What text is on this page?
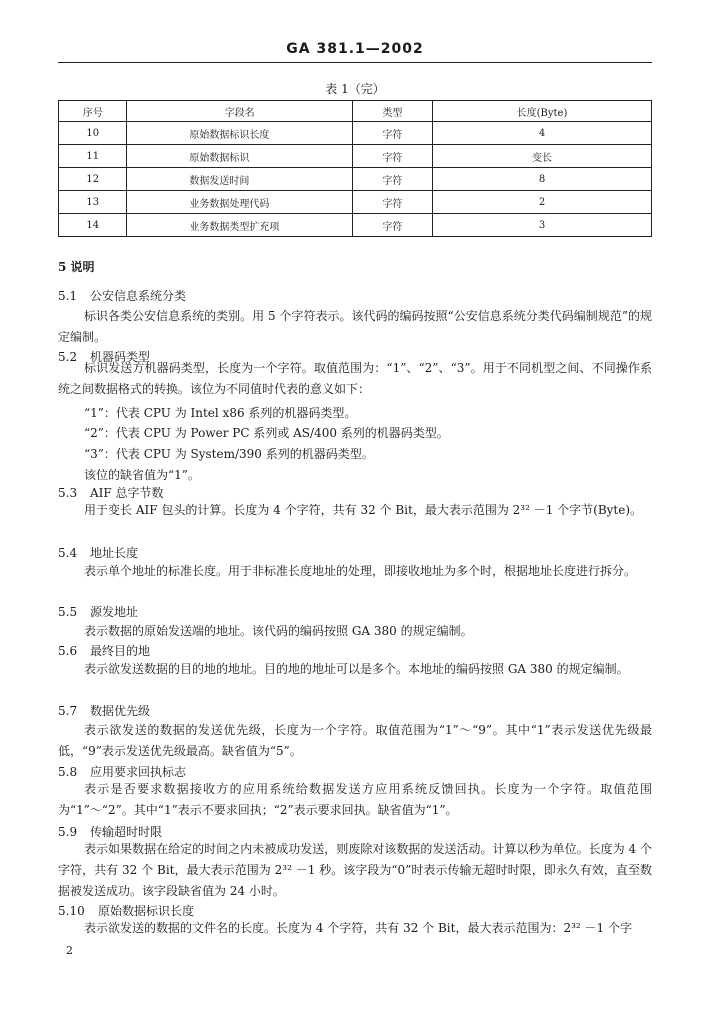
GA 381.1—2002
表 1（完）
序号	字段名	类型	长度(Byte)
10	原始数据标识长度	字符	4
11	原始数据标识	字符	变长
12	数据发送时间	字符	8
13	业务数据处理代码	字符	2
14	业务数据类型扩充项	字符	3
5 说明
5.1 公安信息系统分类
标识各类公安信息系统的类别。用 5 个字符表示。该代码的编码按照“公安信息系统分类代码编制规范”的规定编制。
5.2 机器码类型
标识发送方机器码类型，长度为一个字符。取值范围为：“1”、“2”、“3”。用于不同机型之间、不同操作系统之间数据格式的转换。该位为不同值时代表的意义如下：
“1”：代表 CPU 为 Intel x86 系列的机器码类型。
“2”：代表 CPU 为 Power PC 系列或 AS/400 系列的机器码类型。
“3”：代表 CPU 为 System/390 系列的机器码类型。
该位的缺省值为“1”。
5.3 AIF 总字节数
用于变长 AIF 包头的计算。长度为 4 个字符，共有 32 个 Bit，最大表示范围为 2³² －1 个字节(Byte)。
5.4 地址长度
表示单个地址的标准长度。用于非标准长度地址的处理，即接收地址为多个时，根据地址长度进行拆分。
5.5 源发地址
表示数据的原始发送端的地址。该代码的编码按照 GA 380 的规定编制。
5.6 最终目的地
表示欲发送数据的目的地的地址。目的地的地址可以是多个。本地址的编码按照 GA 380 的规定编制。
5.7 数据优先级
表示欲发送的数据的发送优先级，长度为一个字符。取值范围为“1”～“9”。其中“1”表示发送优先级最低，“9”表示发送优先级最高。缺省值为“5”。
5.8 应用要求回执标志
表示是否要求数据接收方的应用系统给数据发送方应用系统反馈回执。长度为一个字符。取值范围为“1”～“2”。其中“1”表示不要求回执；“2”表示要求回执。缺省值为“1”。
5.9 传输超时时限
表示如果数据在给定的时间之内未被成功发送，则废除对该数据的发送活动。计算以秒为单位。长度为 4 个字符，共有 32 个 Bit，最大表示范围为 2³² －1 秒。该字段为“0”时表示传输无超时时限，即永久有效，直至数据被发送成功。该字段缺省值为 24 小时。
5.10 原始数据标识长度
表示欲发送的数据的文件名的长度。长度为 4 个字符，共有 32 个 Bit，最大表示范围为：2³² －1 个字
2
